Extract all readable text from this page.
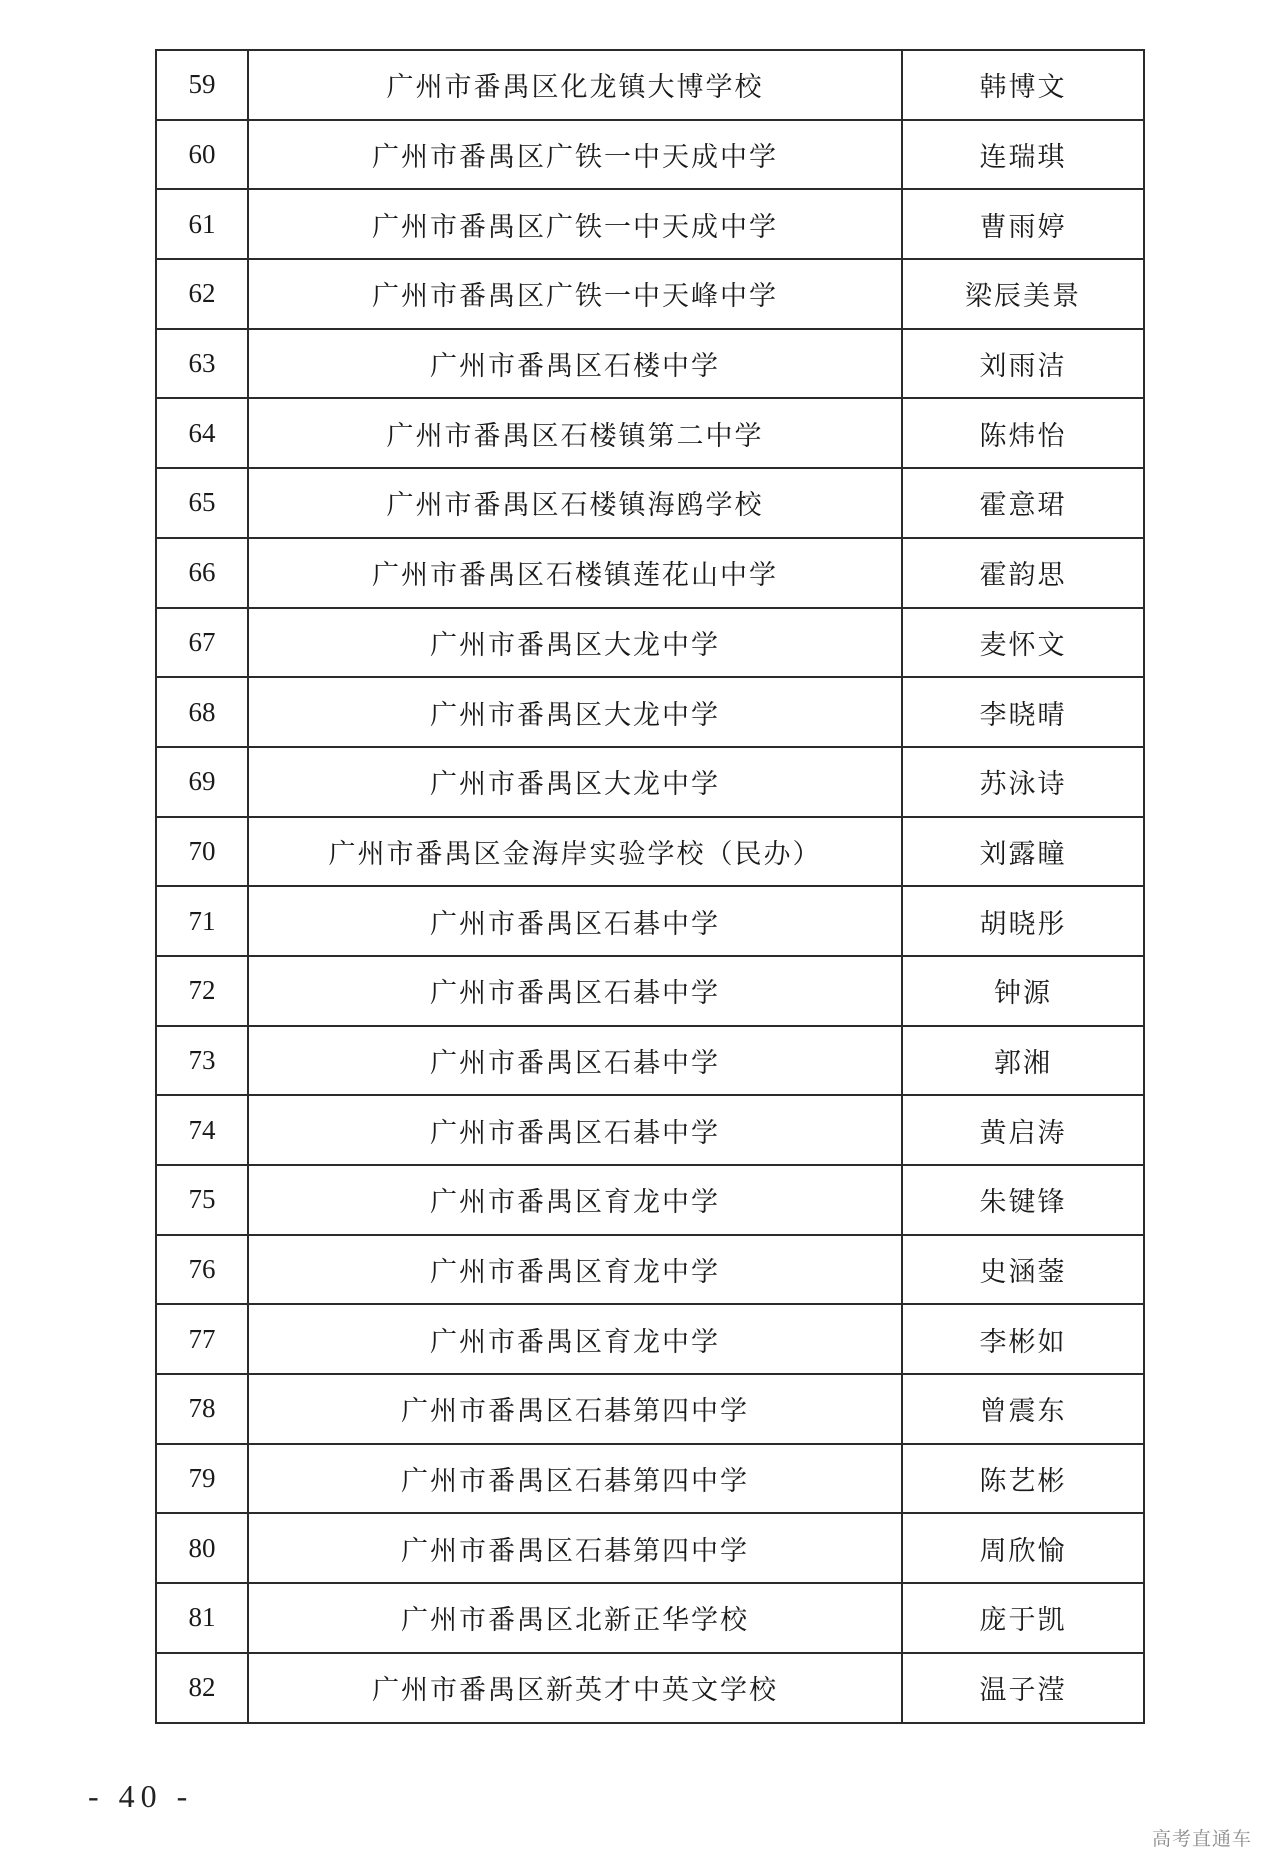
59	广州市番禺区化龙镇大博学校	韩博文
60	广州市番禺区广铁一中天成中学	连瑞琪
61	广州市番禺区广铁一中天成中学	曹雨婷
62	广州市番禺区广铁一中天峰中学	梁辰美景
63	广州市番禺区石楼中学	刘雨洁
64	广州市番禺区石楼镇第二中学	陈炜怡
65	广州市番禺区石楼镇海鸥学校	霍意珺
66	广州市番禺区石楼镇莲花山中学	霍韵思
67	广州市番禺区大龙中学	麦怀文
68	广州市番禺区大龙中学	李晓晴
69	广州市番禺区大龙中学	苏泳诗
70	广州市番禺区金海岸实验学校（民办）	刘露瞳
71	广州市番禺区石碁中学	胡晓彤
72	广州市番禺区石碁中学	钟源
73	广州市番禺区石碁中学	郭湘
74	广州市番禺区石碁中学	黄启涛
75	广州市番禺区育龙中学	朱键锋
76	广州市番禺区育龙中学	史涵蓥
77	广州市番禺区育龙中学	李彬如
78	广州市番禺区石碁第四中学	曾震东
79	广州市番禺区石碁第四中学	陈艺彬
80	广州市番禺区石碁第四中学	周欣愉
81	广州市番禺区北新正华学校	庞于凯
82	广州市番禺区新英才中英文学校	温子滢
- 40 -
高考直通车
